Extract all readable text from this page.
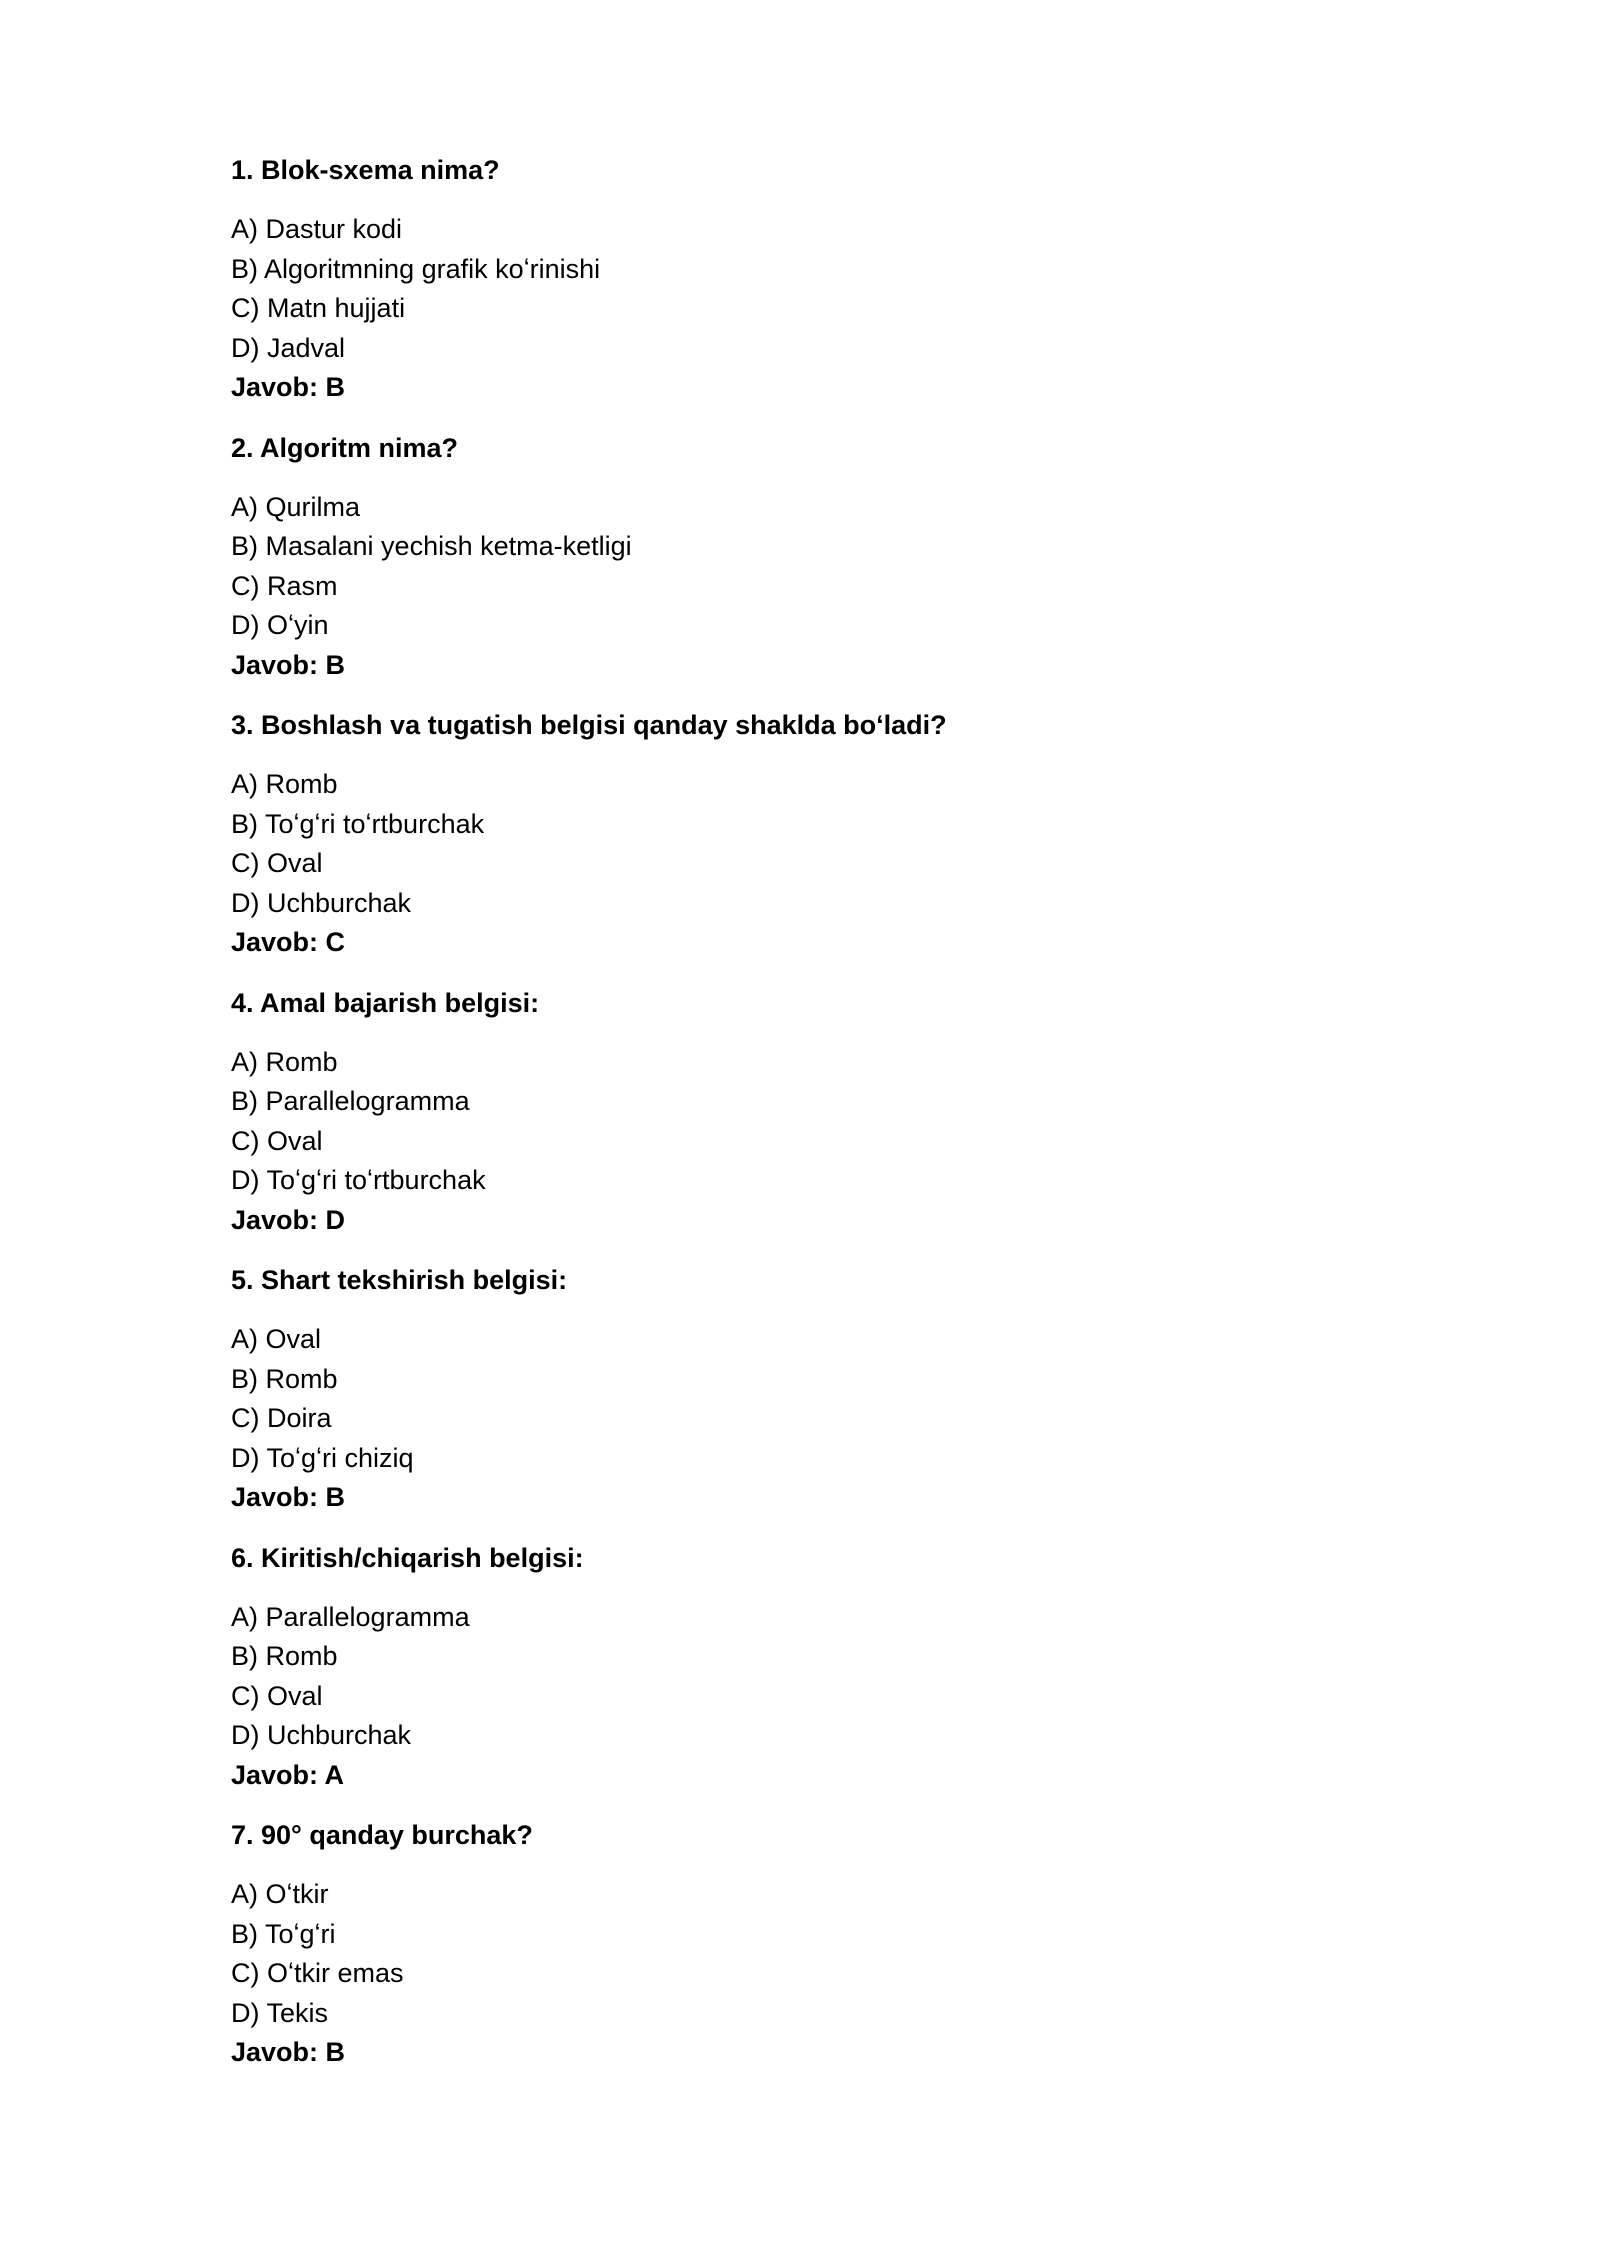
1. Blok-sxema nima?
A) Dastur kodi
B) Algoritmning grafik koʻrinishi
C) Matn hujjati
D) Jadval
Javob: B
2. Algoritm nima?
A) Qurilma
B) Masalani yechish ketma-ketligi
C) Rasm
D) Oʻyin
Javob: B
3. Boshlash va tugatish belgisi qanday shaklda boʻladi?
A) Romb
B) Toʻgʻri toʻrtburchak
C) Oval
D) Uchburchak
Javob: C
4. Amal bajarish belgisi:
A) Romb
B) Parallelogramma
C) Oval
D) Toʻgʻri toʻrtburchak
Javob: D
5. Shart tekshirish belgisi:
A) Oval
B) Romb
C) Doira
D) Toʻgʻri chiziq
Javob: B
6. Kiritish/chiqarish belgisi:
A) Parallelogramma
B) Romb
C) Oval
D) Uchburchak
Javob: A
7. 90° qanday burchak?
A) Oʻtkir
B) Toʻgʻri
C) Oʻtkir emas
D) Tekis
Javob: B
